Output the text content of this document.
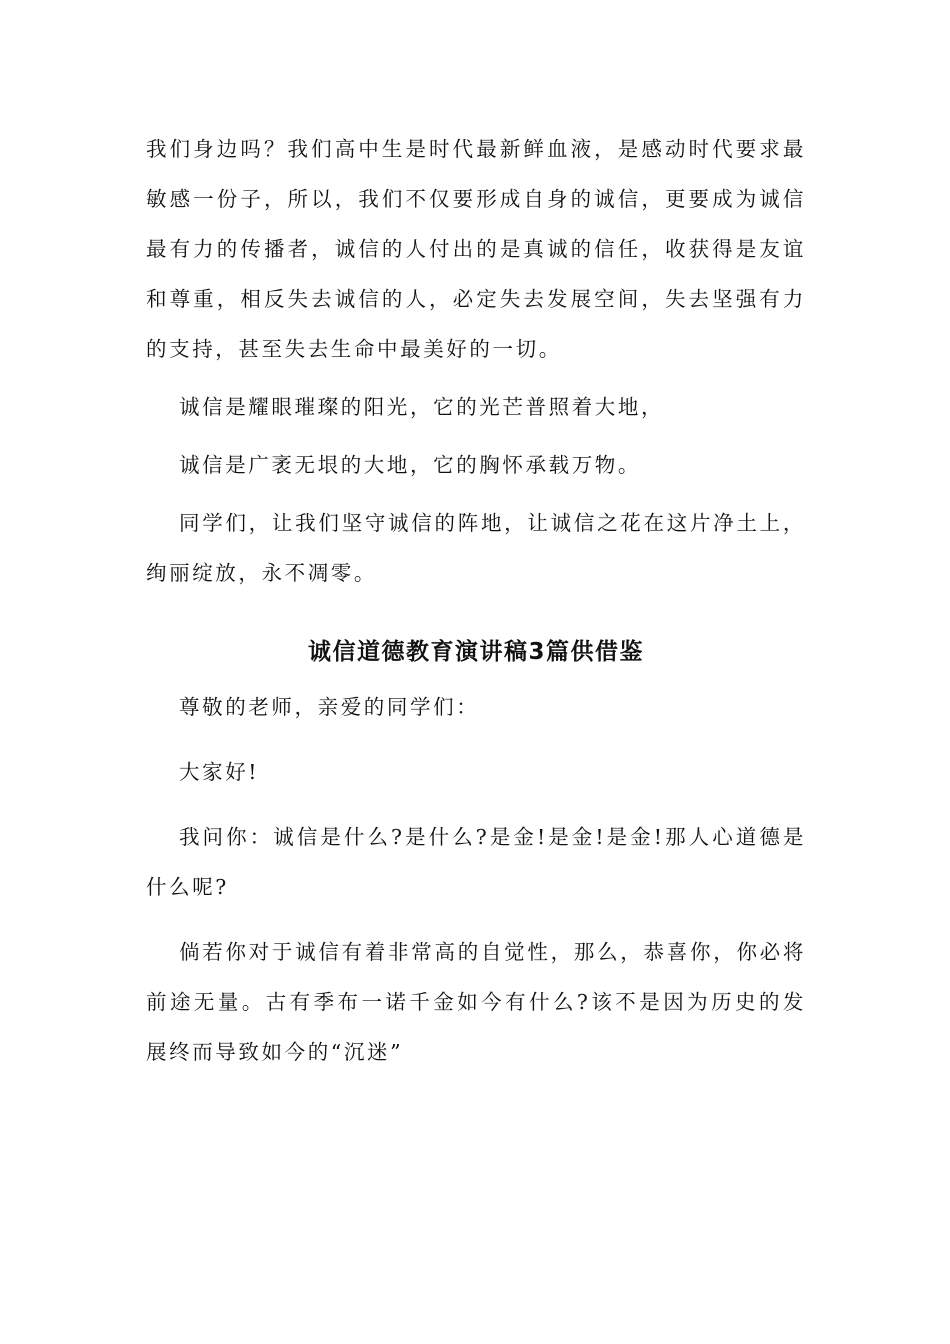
我们身边吗？我们高中生是时代最新鲜血液，是感动时代要求最敏感一份子，所以，我们不仅要形成自身的诚信，更要成为诚信最有力的传播者，诚信的人付出的是真诚的信任，收获得是友谊和尊重，相反失去诚信的人，必定失去发展空间，失去坚强有力的支持，甚至失去生命中最美好的一切。

诚信是耀眼璀璨的阳光，它的光芒普照着大地，

诚信是广袤无垠的大地，它的胸怀承载万物。

同学们，让我们坚守诚信的阵地，让诚信之花在这片净土上，绚丽绽放，永不凋零。

诚信道德教育演讲稿3篇供借鉴

尊敬的老师，亲爱的同学们：

大家好!

我问你：诚信是什么?是什么?是金!是金!是金!那人心道德是什么呢?

倘若你对于诚信有着非常高的自觉性，那么，恭喜你，你必将前途无量。古有季布一诺千金如今有什么?该不是因为历史的发展终而导致如今的“沉迷”
